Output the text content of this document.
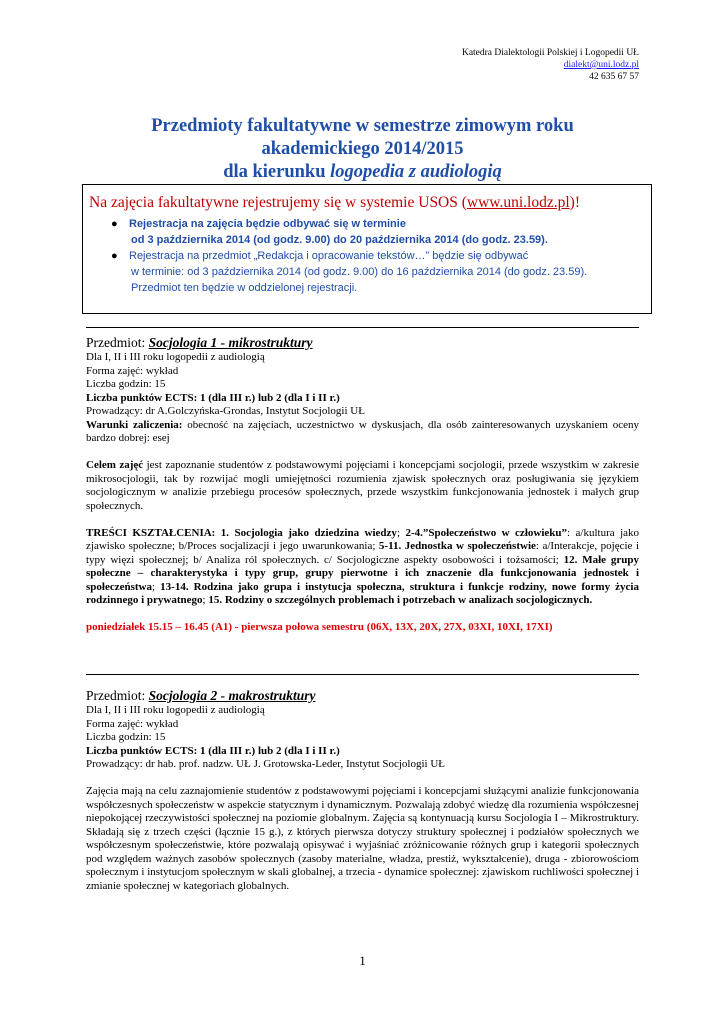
Katedra Dialektologii Polskiej i Logopedii UŁ
dialekt@uni.lodz.pl
42 635 67 57
Przedmioty fakultatywne w semestrze zimowym roku
akademickiego 2014/2015
dla kierunku logopedia z audiologią
Na zajęcia fakultatywne rejestrujemy się w systemie USOS (www.uni.lodz.pl)!
● Rejestracja na zajęcia będzie odbywać się w terminie
od 3 października 2014 (od godz. 9.00) do 20 października 2014 (do godz. 23.59).
● Rejestracja na przedmiot „Redakcja i opracowanie tekstów…” będzie się odbywać
w terminie: od 3 października 2014 (od godz. 9.00) do 16 października 2014 (do godz. 23.59).
Przedmiot ten będzie w oddzielonej rejestracji.

Przedmiot: Socjologia 1 - mikrostruktury

Dla I, II i III roku logopedii z audiologią

Forma zajęć: wykład

Liczba godzin: 15

Liczba punktów ECTS: 1 (dla III r.) lub 2 (dla I i II r.)

Prowadzący: dr A.Golczyńska-Grondas, Instytut Socjologii UŁ

Warunki zaliczenia: obecność na zajęciach, uczestnictwo w dyskusjach, dla osób zainteresowanych uzyskaniem oceny bardzo dobrej: esej

Celem zajęć jest zapoznanie studentów z podstawowymi pojęciami i koncepcjami socjologii, przede wszystkim w zakresie mikrosocjologii, tak by rozwijać mogli umiejętności rozumienia zjawisk społecznych oraz posługiwania się językiem socjologicznym w analizie przebiegu procesów społecznych, przede wszystkim funkcjonowania jednostek i małych grup społecznych.

TREŚCI KSZTAŁCENIA: 1. Socjologia jako dziedzina wiedzy; 2-4.”Społeczeństwo w człowieku”: a/kultura jako zjawisko społeczne; b/Proces socjalizacji i jego uwarunkowania; 5-11. Jednostka w społeczeństwie: a/Interakcje, pojęcie i typy więzi społecznej; b/ Analiza ról społecznych. c/ Socjologiczne aspekty osobowości i tożsamości; 12. Małe grupy społeczne – charakterystyka i typy grup, grupy pierwotne i ich znaczenie dla funkcjonowania jednostek i społeczeństwa; 13-14. Rodzina jako grupa i instytucja społeczna, struktura i funkcje rodziny, nowe formy życia rodzinnego i prywatnego; 15. Rodziny o szczególnych problemach i potrzebach w analizach socjologicznych.

poniedziałek 15.15 – 16.45 (A1) - pierwsza połowa semestru (06X, 13X, 20X, 27X, 03XI, 10XI, 17XI)

Przedmiot: Socjologia 2 - makrostruktury

Dla I, II i III roku logopedii z audiologią

Forma zajęć: wykład

Liczba godzin: 15

Liczba punktów ECTS: 1 (dla III r.) lub 2 (dla I i II r.)

Prowadzący: dr hab. prof. nadzw. UŁ J. Grotowska-Leder, Instytut Socjologii UŁ

Zajęcia mają na celu zaznajomienie studentów z podstawowymi pojęciami i koncepcjami służącymi analizie funkcjonowania współczesnych społeczeństw w aspekcie statycznym i dynamicznym. Pozwalają zdobyć wiedzę dla rozumienia współczesnej niepokojącej rzeczywistości społecznej na poziomie globalnym. Zajęcia są kontynuacją kursu Socjologia I – Mikrostruktury. Składają się z trzech części (łącznie 15 g.), z których pierwsza dotyczy struktury społecznej i podziałów społecznych we współczesnym społeczeństwie, które pozwalają opisywać i wyjaśniać zróżnicowanie różnych grup i kategorii społecznych pod względem ważnych zasobów społecznych (zasoby materialne, władza, prestiż, wykształcenie), druga - zbiorowościom społecznym i instytucjom społecznym w skali globalnej, a trzecia - dynamice społecznej: zjawiskom ruchliwości społecznej i zmianie społecznej w kategoriach globalnych.

1
